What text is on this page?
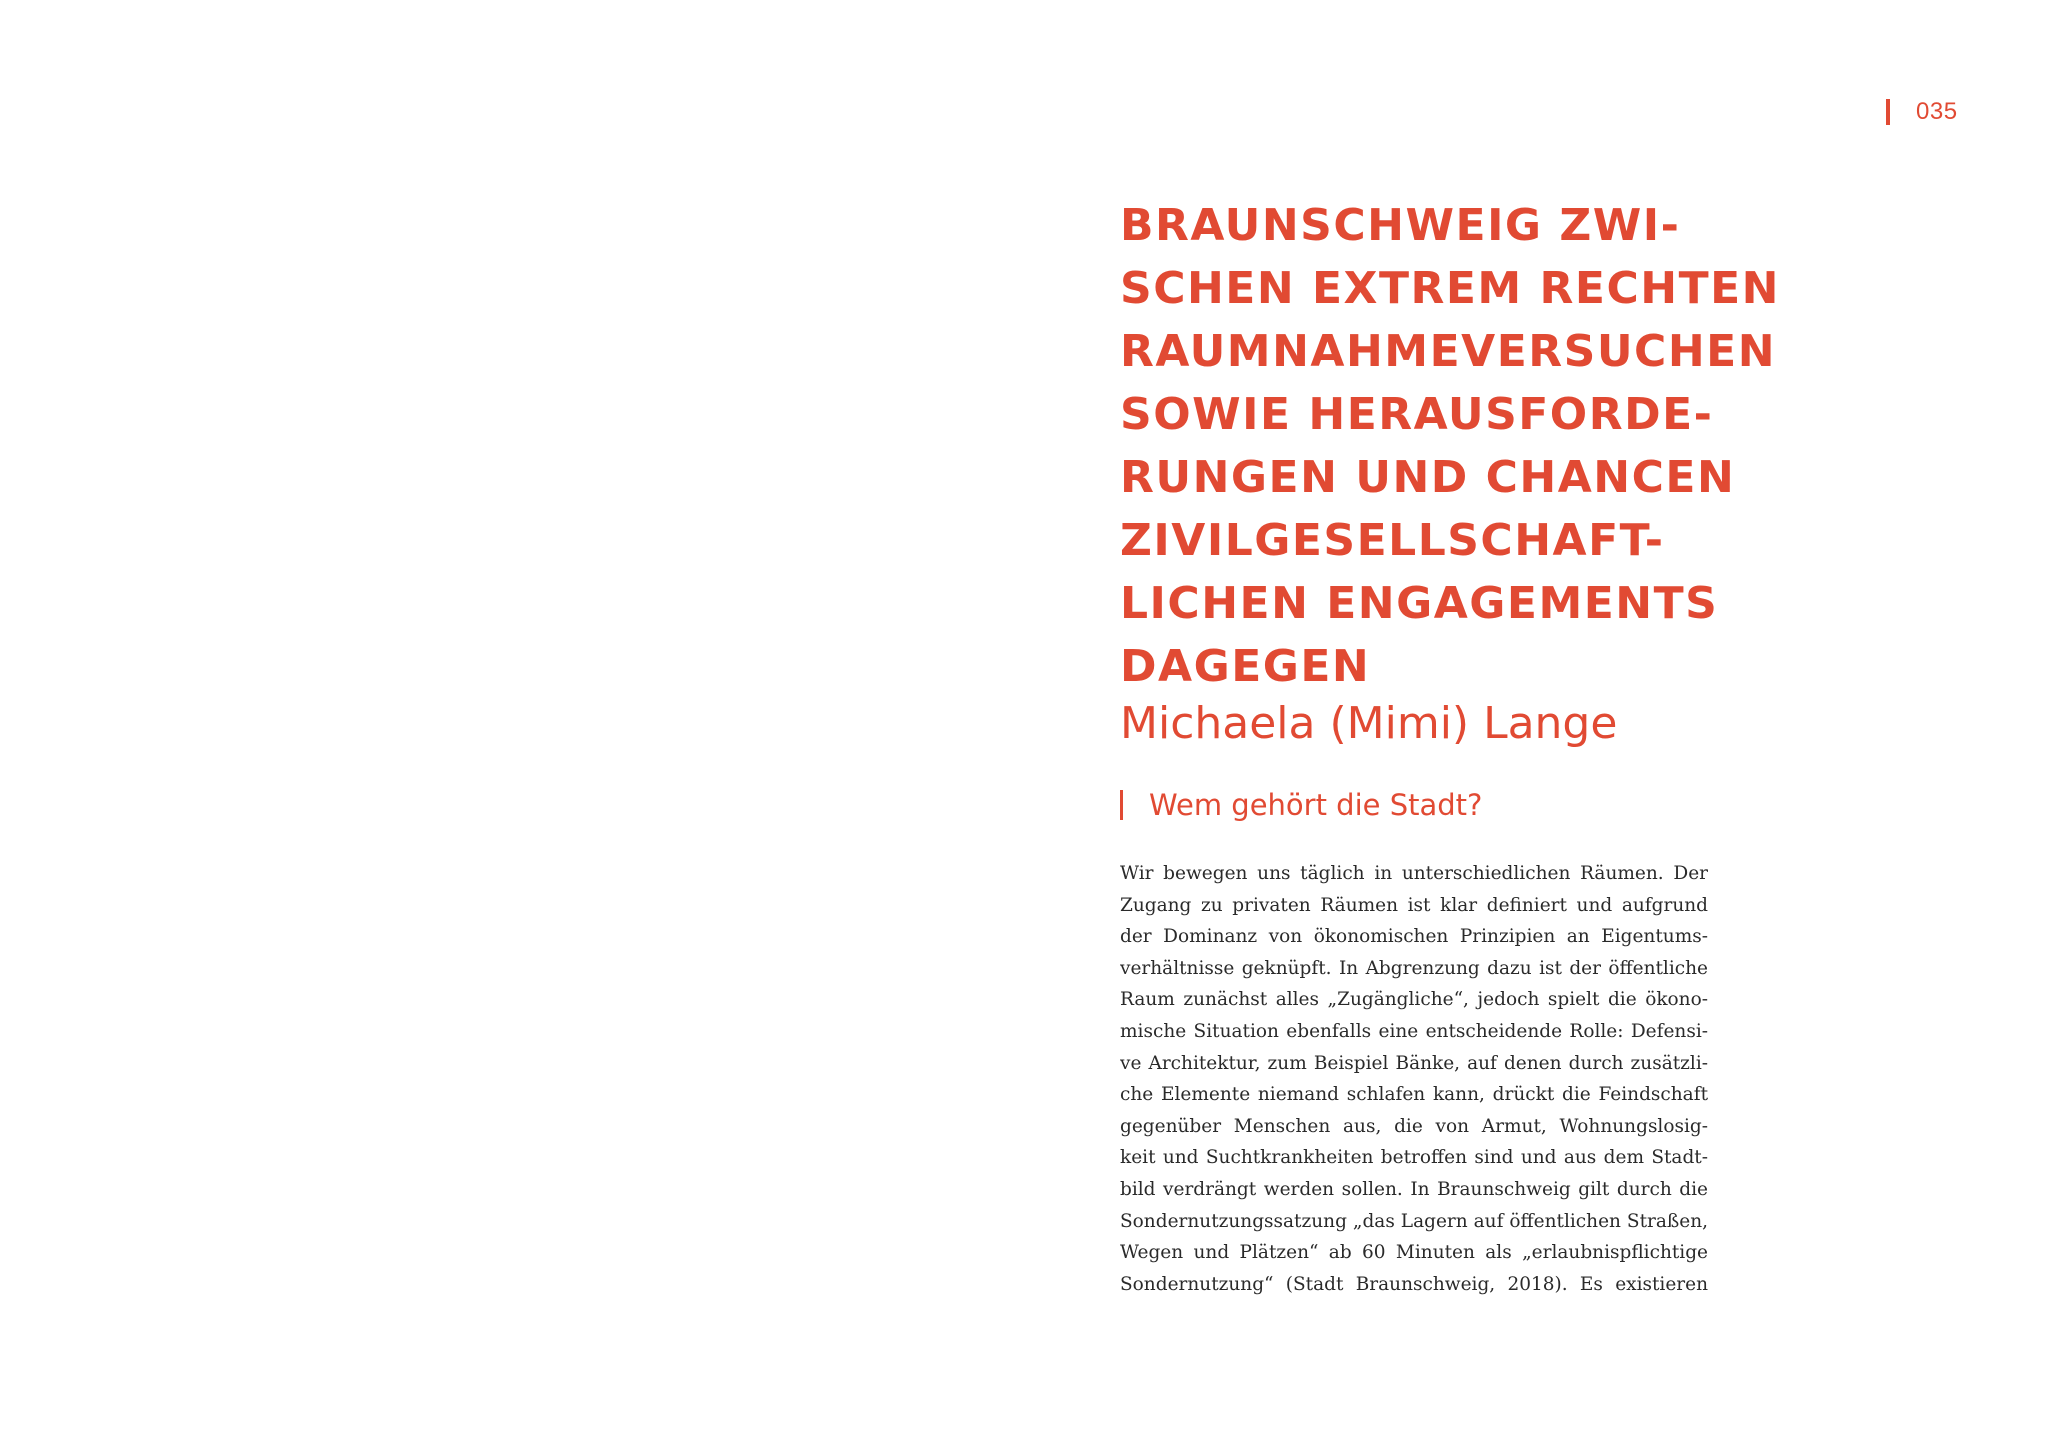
035
BRAUNSCHWEIG ZWI-
SCHEN EXTREM RECHTEN
RAUMNAHMEVERSUCHEN
SOWIE HERAUSFORDE-
RUNGEN UND CHANCEN
ZIVILGESELLSCHAFT-
LICHEN ENGAGEMENTS
DAGEGEN

Michaela (Mimi) Lange

Wem gehört die Stadt?
Wir bewegen uns täglich in unterschiedlichen Räumen. Der
Zugang zu privaten Räumen ist klar definiert und aufgrund
der Dominanz von ökonomischen Prinzipien an Eigentums-
verhältnisse geknüpft. In Abgrenzung dazu ist der öffentliche
Raum zunächst alles „Zugängliche“, jedoch spielt die ökono-
mische Situation ebenfalls eine entscheidende Rolle: Defensi-
ve Architektur, zum Beispiel Bänke, auf denen durch zusätzli-
che Elemente niemand schlafen kann, drückt die Feindschaft
gegenüber Menschen aus, die von Armut, Wohnungslosig-
keit und Suchtkrankheiten betroffen sind und aus dem Stadt-
bild verdrängt werden sollen. In Braunschweig gilt durch die
Sondernutzungssatzung „das Lagern auf öffentlichen Straßen,
Wegen und Plätzen“ ab 60 Minuten als „erlaubnispflichtige
Sondernutzung“ (Stadt Braunschweig, 2018). Es existieren
